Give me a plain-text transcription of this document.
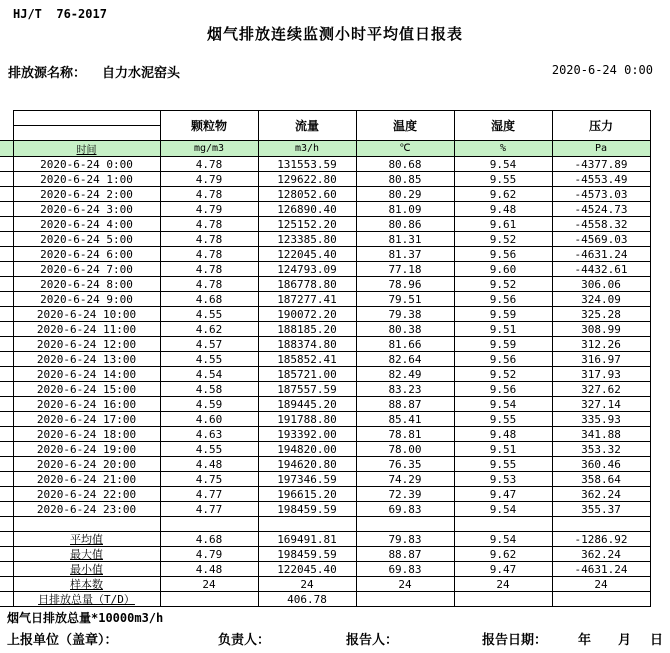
HJ/T  76-2017
烟气排放连续监测小时平均值日报表
排放源名称： 自力水泥窑头	2020-6-24 0:00
		颗粒物	流量	温度	湿度	压力

	时间	mg/m3	m3/h	℃	%	Pa
	2020-6-24 0:00	4.78	131553.59	80.68	9.54	-4377.89
	2020-6-24 1:00	4.79	129622.80	80.85	9.55	-4553.49
	2020-6-24 2:00	4.78	128052.60	80.29	9.62	-4573.03
	2020-6-24 3:00	4.79	126890.40	81.09	9.48	-4524.73
	2020-6-24 4:00	4.78	125152.20	80.86	9.61	-4558.32
	2020-6-24 5:00	4.78	123385.80	81.31	9.52	-4569.03
	2020-6-24 6:00	4.78	122045.40	81.37	9.56	-4631.24
	2020-6-24 7:00	4.78	124793.09	77.18	9.60	-4432.61
	2020-6-24 8:00	4.78	186778.80	78.96	9.52	306.06
	2020-6-24 9:00	4.68	187277.41	79.51	9.56	324.09
	2020-6-24 10:00	4.55	190072.20	79.38	9.59	325.28
	2020-6-24 11:00	4.62	188185.20	80.38	9.51	308.99
	2020-6-24 12:00	4.57	188374.80	81.66	9.59	312.26
	2020-6-24 13:00	4.55	185852.41	82.64	9.56	316.97
	2020-6-24 14:00	4.54	185721.00	82.49	9.52	317.93
	2020-6-24 15:00	4.58	187557.59	83.23	9.56	327.62
	2020-6-24 16:00	4.59	189445.20	88.87	9.54	327.14
	2020-6-24 17:00	4.60	191788.80	85.41	9.55	335.93
	2020-6-24 18:00	4.63	193392.00	78.81	9.48	341.88
	2020-6-24 19:00	4.55	194820.00	78.00	9.51	353.32
	2020-6-24 20:00	4.48	194620.80	76.35	9.55	360.46
	2020-6-24 21:00	4.75	197346.59	74.29	9.53	358.64
	2020-6-24 22:00	4.77	196615.20	72.39	9.47	362.24
	2020-6-24 23:00	4.77	198459.59	69.83	9.54	355.37

	平均值	4.68	169491.81	79.83	9.54	-1286.92
	最大值	4.79	198459.59	88.87	9.62	362.24
	最小值	4.48	122045.40	69.83	9.47	-4631.24
	样本数	24	24	24	24	24
	日排放总量（T/D）		406.78			
烟气日排放总量*10000m3/h
上报单位（盖章）：	负责人：	报告人：	报告日期： 年 月 日
